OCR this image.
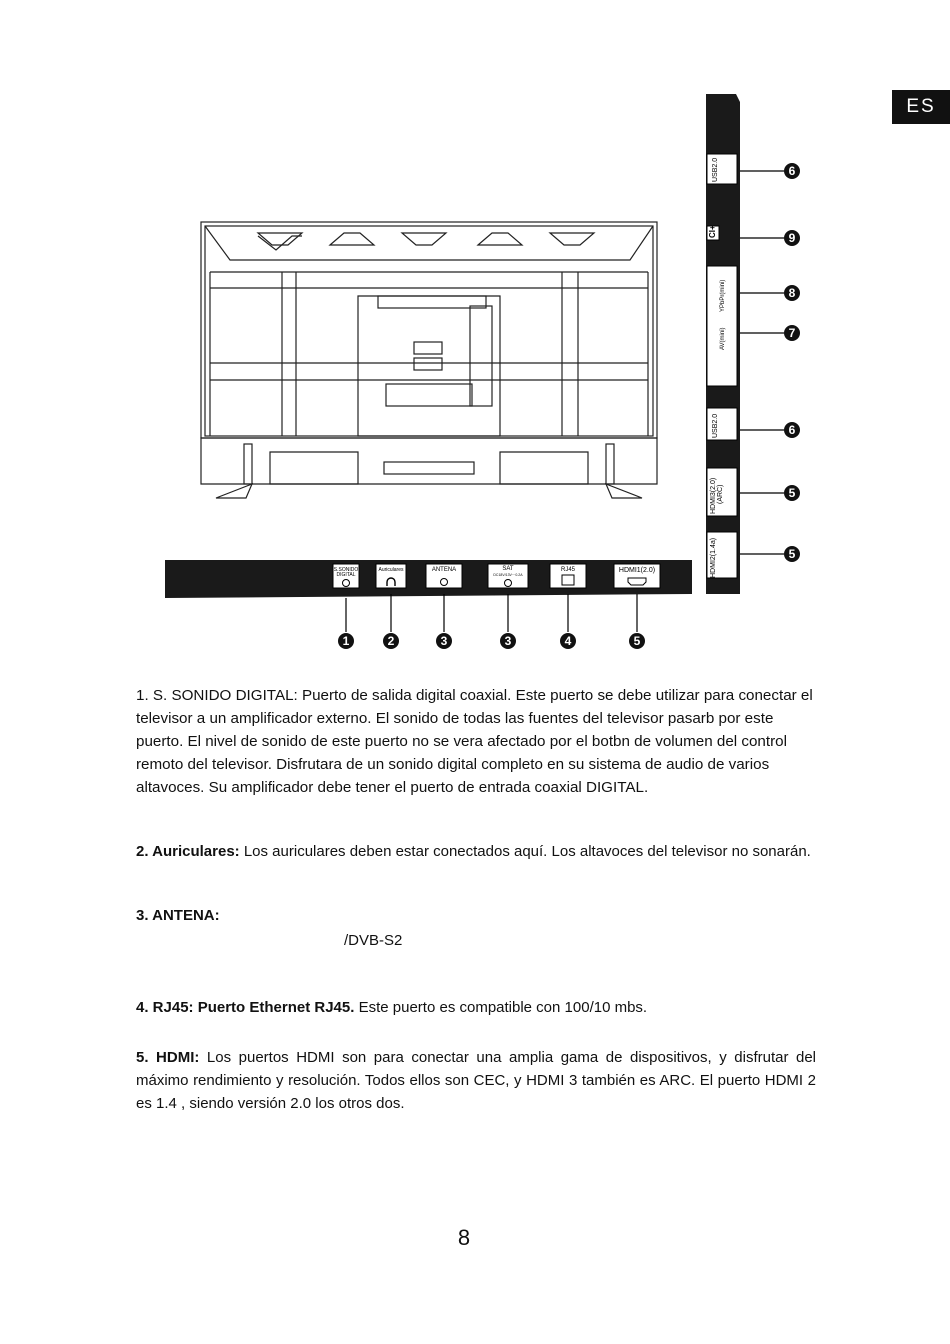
ES
S.SONIDO
DIGITAL
Auriculares	ANTENA	SAT
DC18V/13V···0.2A
RJ45	HDMI1(2.0)
1	2	3	3	4	5
USB2.0
CI+
YPbPr(mini)
AV(mini)
USB2.0
HDMI3(2.0) (ARC)
HDMI2(1.4a)
6
9
8
7
6
5
5
1. S. SONIDO DIGITAL: Puerto de salida digital coaxial. Este puerto se debe utilizar para conectar el televisor a un amplificador externo. El sonido de todas las fuentes del televisor pasarb por este puerto. El nivel de sonido de este puerto no se vera afectado por el botbn de volumen del control remoto del televisor. Disfrutara de un sonido digital completo en su sistema de audio de varios altavoces. Su amplificador debe tener el puerto de entrada coaxial DIGITAL.
2. Auriculares: Los auriculares deben estar conectados aquí. Los altavoces del televisor no sonarán.
3. ANTENA:
/DVB-S2
4. RJ45: Puerto Ethernet RJ45. Este puerto es compatible con 100/10 mbs.
5. HDMI: Los puertos HDMI son para conectar una amplia gama de dispositivos, y disfrutar del máximo rendimiento y resolución. Todos ellos son CEC, y HDMI 3 también es ARC. El puerto HDMI 2 es 1.4 , siendo versión 2.0 los otros dos.
8
